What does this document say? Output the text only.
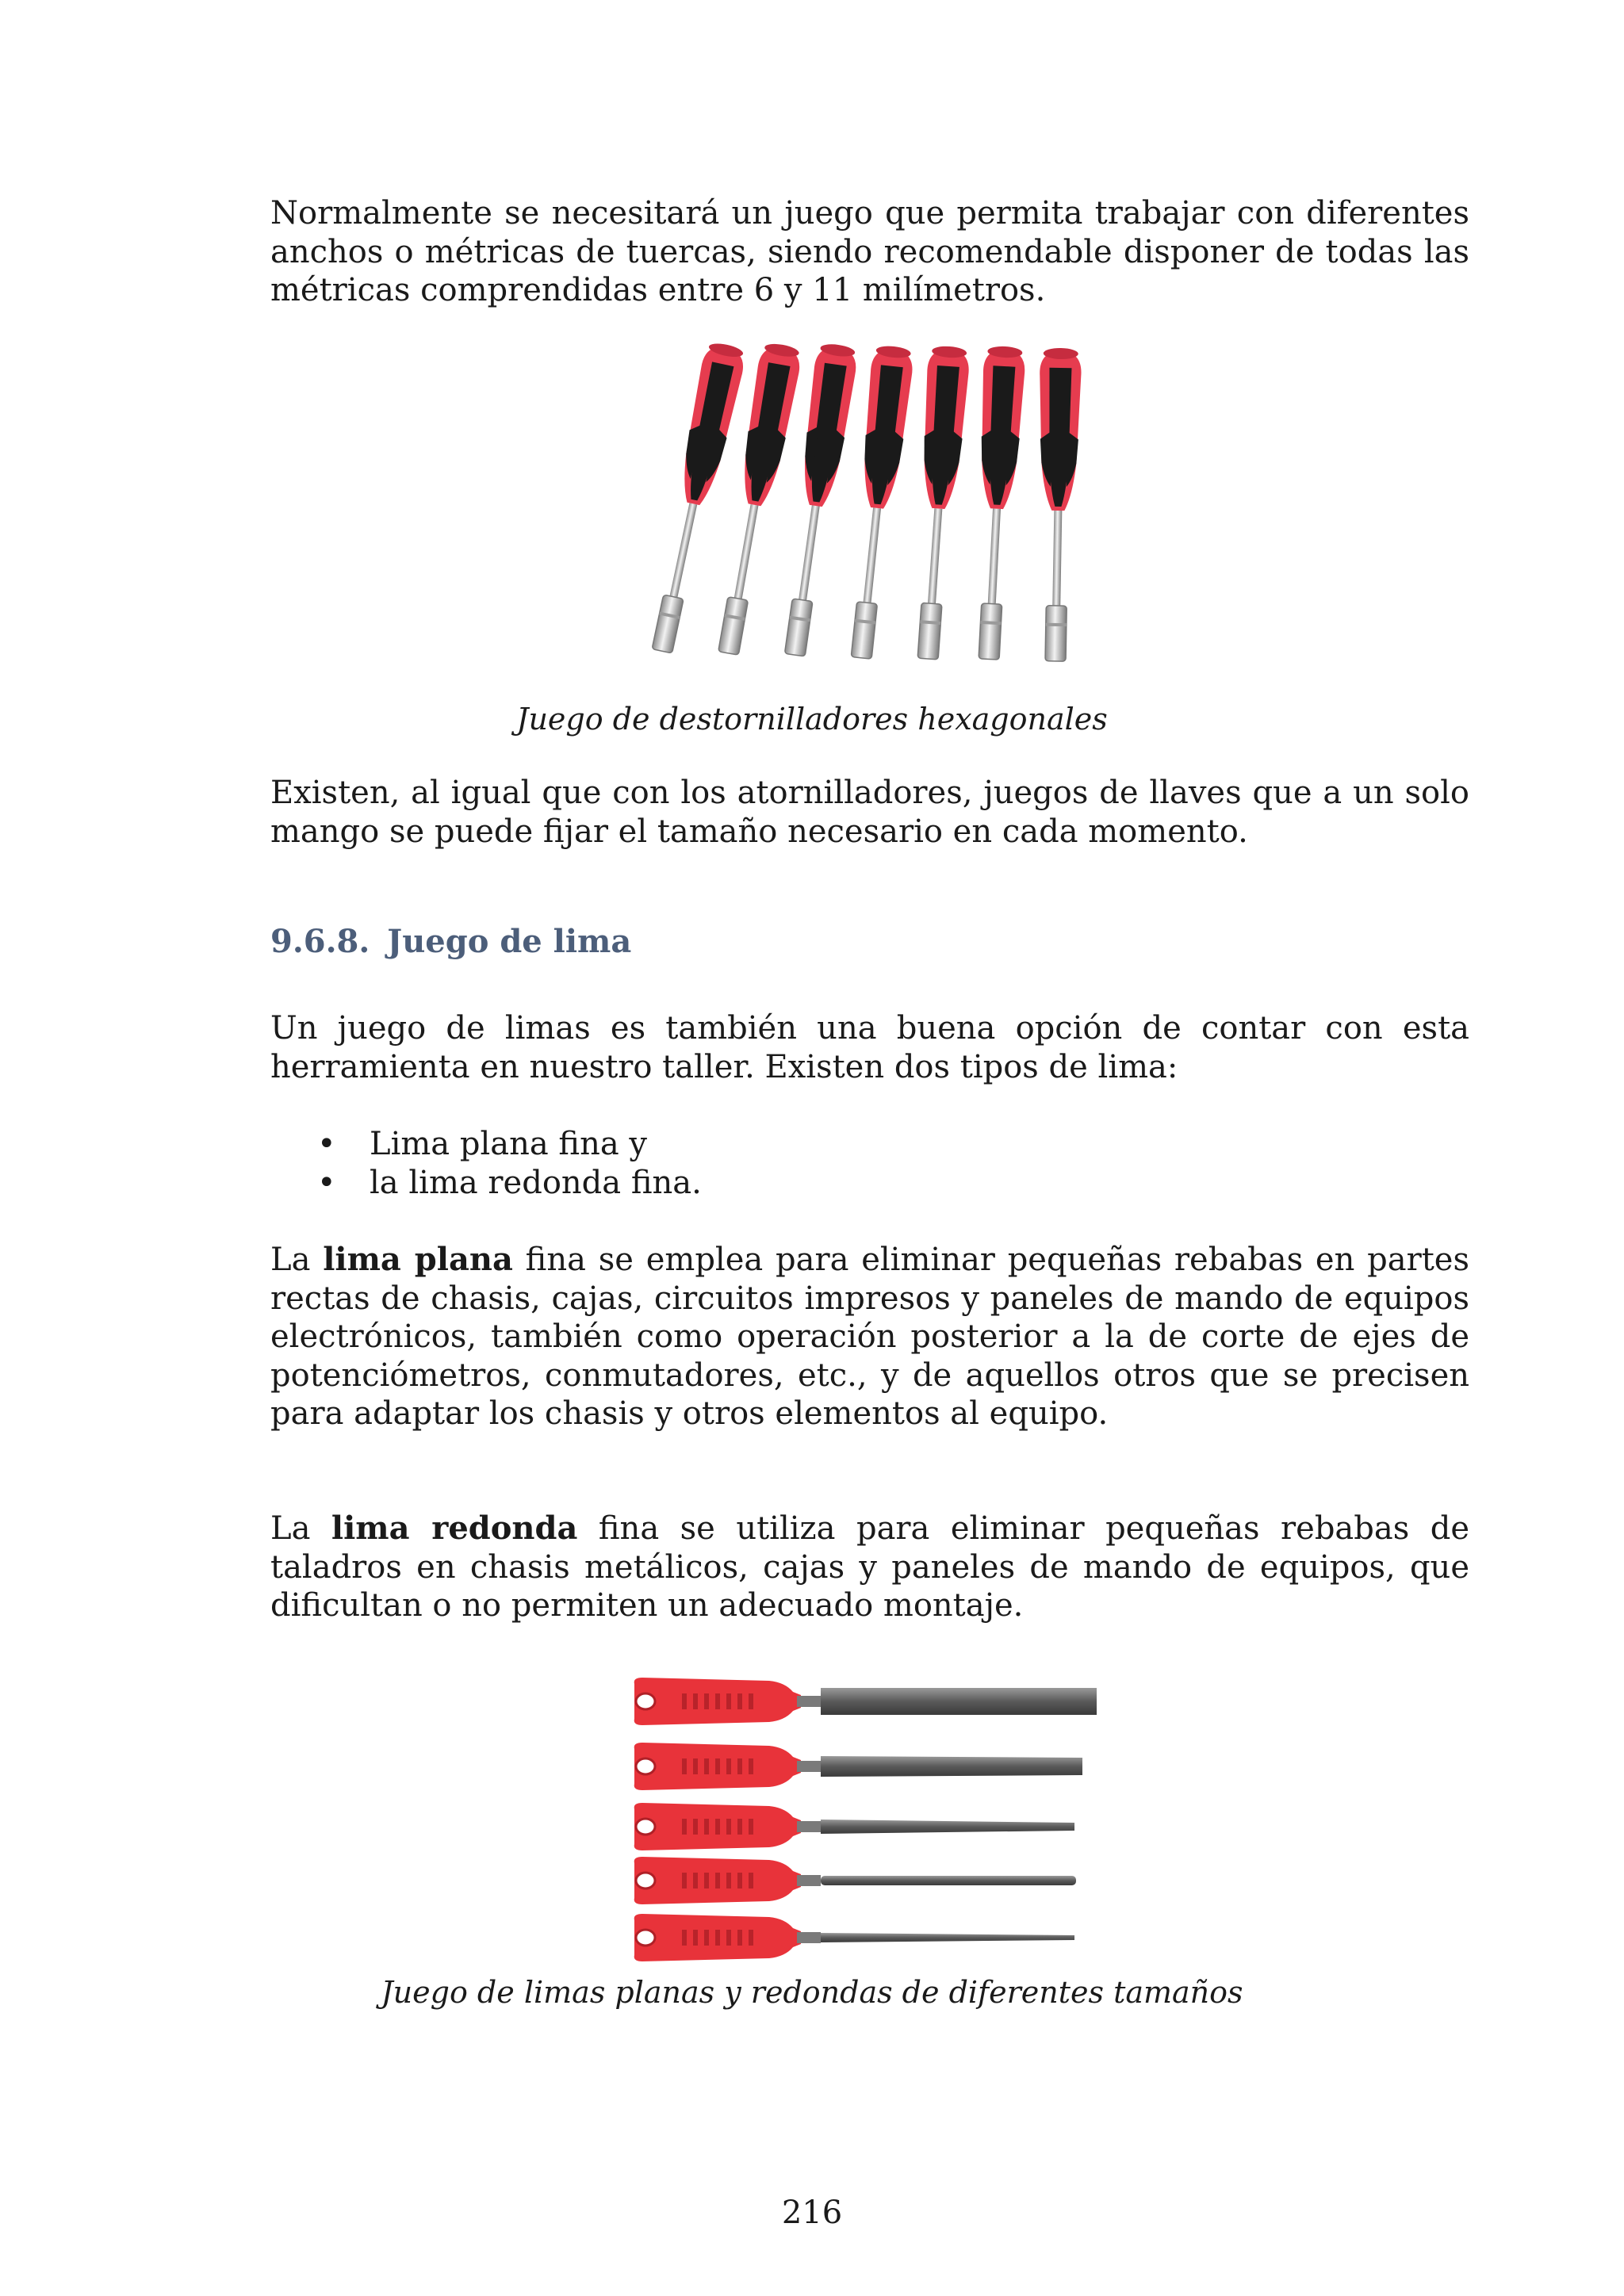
Normalmente se necesitará un juego que permita trabajar con diferentes anchos o métricas de tuercas, siendo recomendable disponer de todas las métricas comprendidas entre 6 y 11 milímetros.

Juego de destornilladores hexagonales

Existen, al igual que con los atornilladores, juegos de llaves que a un solo mango se puede fijar el tamaño necesario en cada momento.

9.6.8. Juego de lima

Un juego de limas es también una buena opción de contar con esta herramienta en nuestro taller. Existen dos tipos de lima:

• Lima plana fina y
• la lima redonda fina.

La lima plana fina se emplea para eliminar pequeñas rebabas en partes rectas de chasis, cajas, circuitos impresos y paneles de mando de equipos electrónicos, también como operación posterior a la de corte de ejes de potenciómetros, conmutadores, etc., y de aquellos otros que se precisen para adaptar los chasis y otros elementos al equipo.

La lima redonda fina se utiliza para eliminar pequeñas rebabas de taladros en chasis metálicos, cajas y paneles de mando de equipos, que dificultan o no permiten un adecuado montaje.

Juego de limas planas y redondas de diferentes tamaños

216
